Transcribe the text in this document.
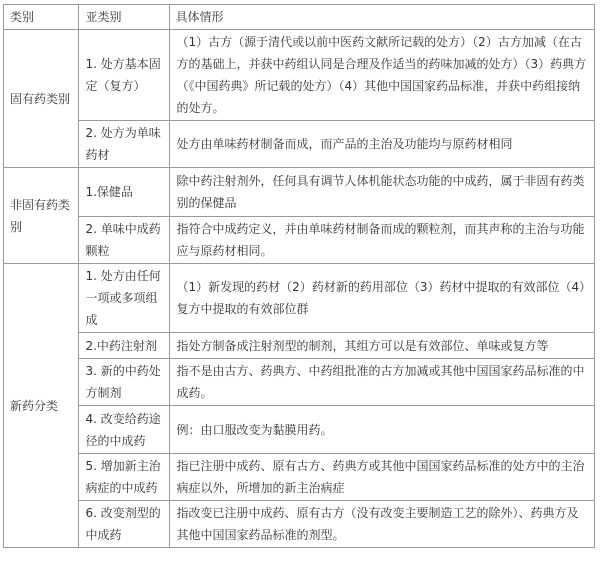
类别	亚类别	具体情形
固有药类别	1. 处方基本固定（复方）	（1）古方（源于清代或以前中医药文献所记载的处方）（2）古方加减（在古方的基础上，并获中药组认同是合理及作适当的药味加减的处方）（3）药典方（《中国药典》所记载的处方）（4）其他中国国家药品标准，并获中药组接纳的处方。
	2. 处方为单味药材	处方由单味药材制备而成，而产品的主治及功能均与原药材相同
非固有药类别	1.保健品	除中药注射剂外，任何具有调节人体机能状态功能的中成药，属于非固有药类别的保健品
	2. 单味中成药颗粒	指符合中成药定义，并由单味药材制备而成的颗粒剂，而其声称的主治与功能应与原药材相同。
新药分类	1. 处方由任何一项或多项组成	（1）新发现的药材（2）药材新的药用部位（3）药材中提取的有效部位（4）复方中提取的有效部位群
	2.中药注射剂	指处方制备成注射剂型的制剂，其组方可以是有效部位、单味或复方等
	3. 新的中药处方制剂	指不是由古方、药典方、中药组批准的古方加减或其他中国国家药品标准的中成药。
	4. 改变给药途径的中成药	例：由口服改变为黏膜用药。
	5. 增加新主治病症的中成药	指已注册中成药、原有古方、药典方或其他中国国家药品标准的处方中的主治病症以外，所增加的新主治病症
	6. 改变剂型的中成药	指改变已注册中成药、原有古方（没有改变主要制造工艺的除外）、药典方及其他中国国家药品标准的剂型。
